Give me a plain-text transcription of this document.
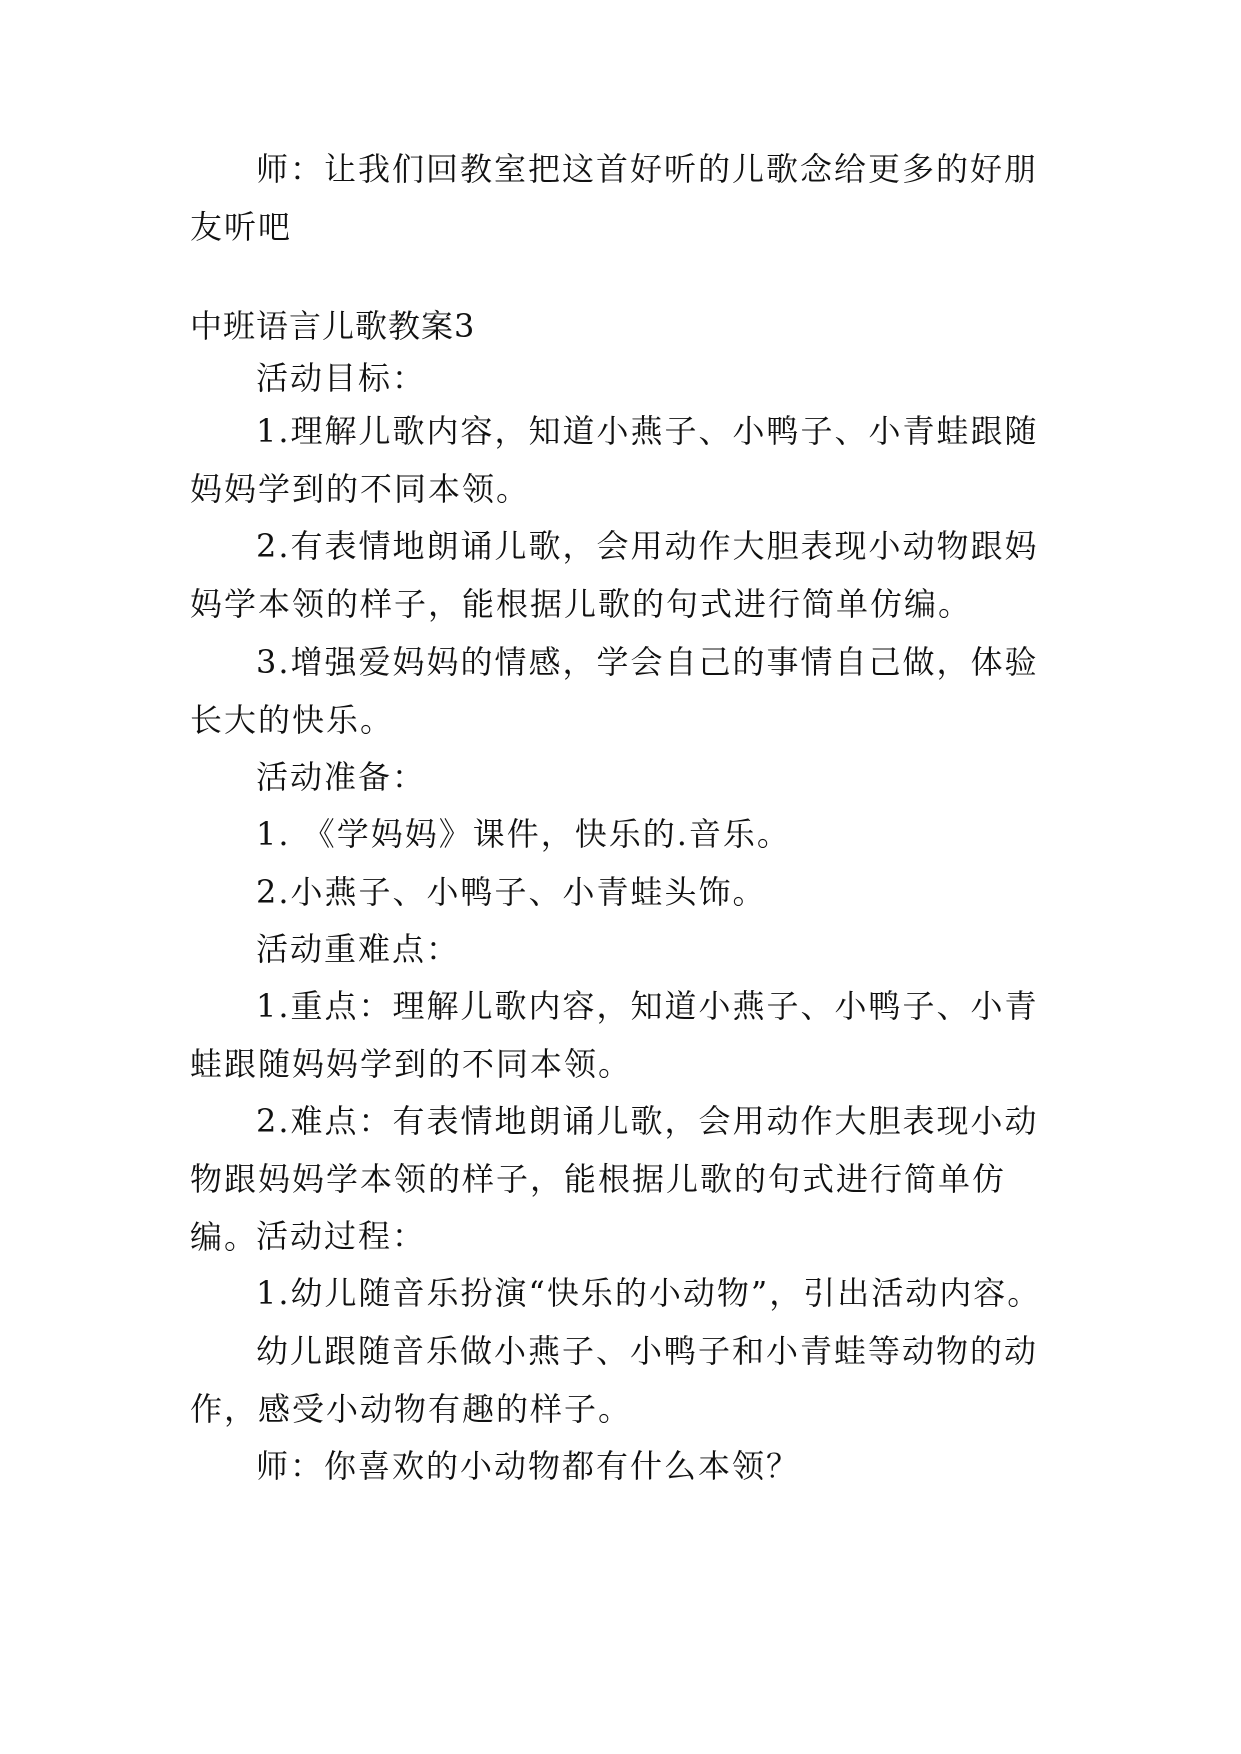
师：让我们回教室把这首好听的儿歌念给更多的好朋友听吧

中班语言儿歌教案3

活动目标：

1.理解儿歌内容，知道小燕子、小鸭子、小青蛙跟随妈妈学到的不同本领。

2.有表情地朗诵儿歌，会用动作大胆表现小动物跟妈妈学本领的样子，能根据儿歌的句式进行简单仿编。

3.增强爱妈妈的情感，学会自己的事情自己做，体验长大的快乐。

活动准备：

1. 《学妈妈》课件，快乐的.音乐。

2.小燕子、小鸭子、小青蛙头饰。

活动重难点：

1.重点：理解儿歌内容，知道小燕子、小鸭子、小青蛙跟随妈妈学到的不同本领。

2.难点：有表情地朗诵儿歌，会用动作大胆表现小动物跟妈妈学本领的样子，能根据儿歌的句式进行简单仿编。

活动过程：

1.幼儿随音乐扮演“快乐的小动物”，引出活动内容。

幼儿跟随音乐做小燕子、小鸭子和小青蛙等动物的动作，感受小动物有趣的样子。

师：你喜欢的小动物都有什么本领？
